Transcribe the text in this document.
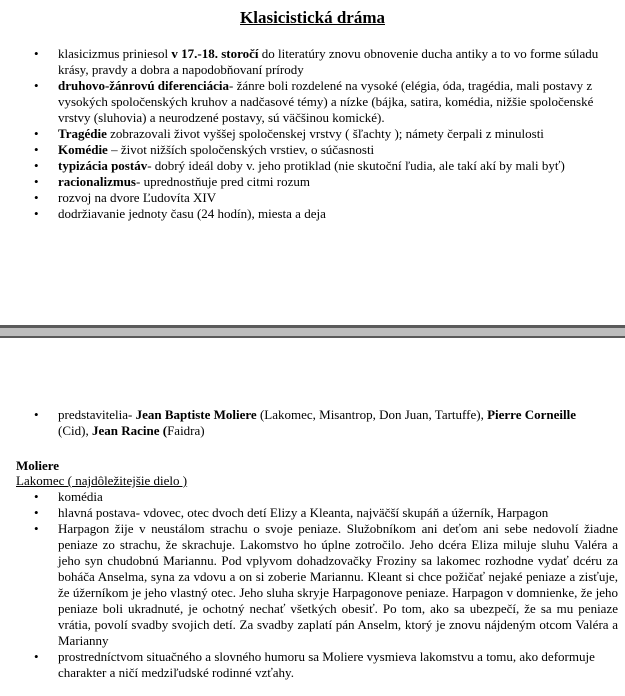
Klasicistická dráma
• klasicizmus priniesol v 17.-18. storočí do literatúry znovu obnovenie ducha antiky a to vo forme súladu krásy, pravdy a dobra a napodobňovaní prírody
• druhovo-žánrovú diferenciácia- žánre boli rozdelené na vysoké (elégia, óda, tragédia, mali postavy z vysokých spoločenských kruhov a nadčasové témy) a nízke (bájka, satira, komédia, nižšie spoločenské vrstvy (sluhovia) a neurodzené postavy, sú väčšinou komické).
• Tragédie zobrazovali život vyššej spoločenskej vrstvy ( šľachty ); námety čerpali z minulosti
• Komédie – život nižších spoločenských vrstiev, o súčasnosti
• typizácia postáv- dobrý ideál doby v. jeho protiklad (nie skutoční ľudia, ale takí akí by mali byť)
• racionalizmus- uprednostňuje pred citmi rozum
• rozvoj na dvore Ľudovíta XIV
• dodržiavanie jednoty času (24 hodín), miesta a deja
• predstavitelia- Jean Baptiste Moliere (Lakomec, Misantrop, Don Juan, Tartuffe), Pierre Corneille (Cid), Jean Racine (Faidra)
Moliere
Lakomec ( najdôležitejšie dielo )
• komédia
• hlavná postava- vdovec, otec dvoch detí Elizy a Kleanta, najväčší skupáň a úžerník, Harpagon
• Harpagon žije v neustálom strachu o svoje peniaze. Služobníkom ani deťom ani sebe nedovolí žiadne peniaze zo strachu, že skrachuje. Lakomstvo ho úplne zotročilo. Jeho dcéra Eliza miluje sluhu Valéra a jeho syn chudobnú Mariannu. Pod vplyvom dohadzovačky Froziny sa lakomec rozhodne vydať dcéru za boháča Anselma, syna za vdovu a on si zoberie Mariannu. Kleant si chce požičať nejaké peniaze a zisťuje, že úžerníkom je jeho vlastný otec. Jeho sluha skryje Harpagonove peniaze. Harpagon v domnienke, že jeho peniaze boli ukradnuté, je ochotný nechať všetkých obesiť. Po tom, ako sa ubezpečí, že sa mu peniaze vrátia, povolí svadby svojich detí. Za svadby zaplatí pán Anselm, ktorý je znovu nájdeným otcom Valéra a Marianny
• prostredníctvom situačného a slovného humoru sa Moliere vysmieva lakomstvu a tomu, ako deformuje charakter a ničí medziľudské rodinné vzťahy.
